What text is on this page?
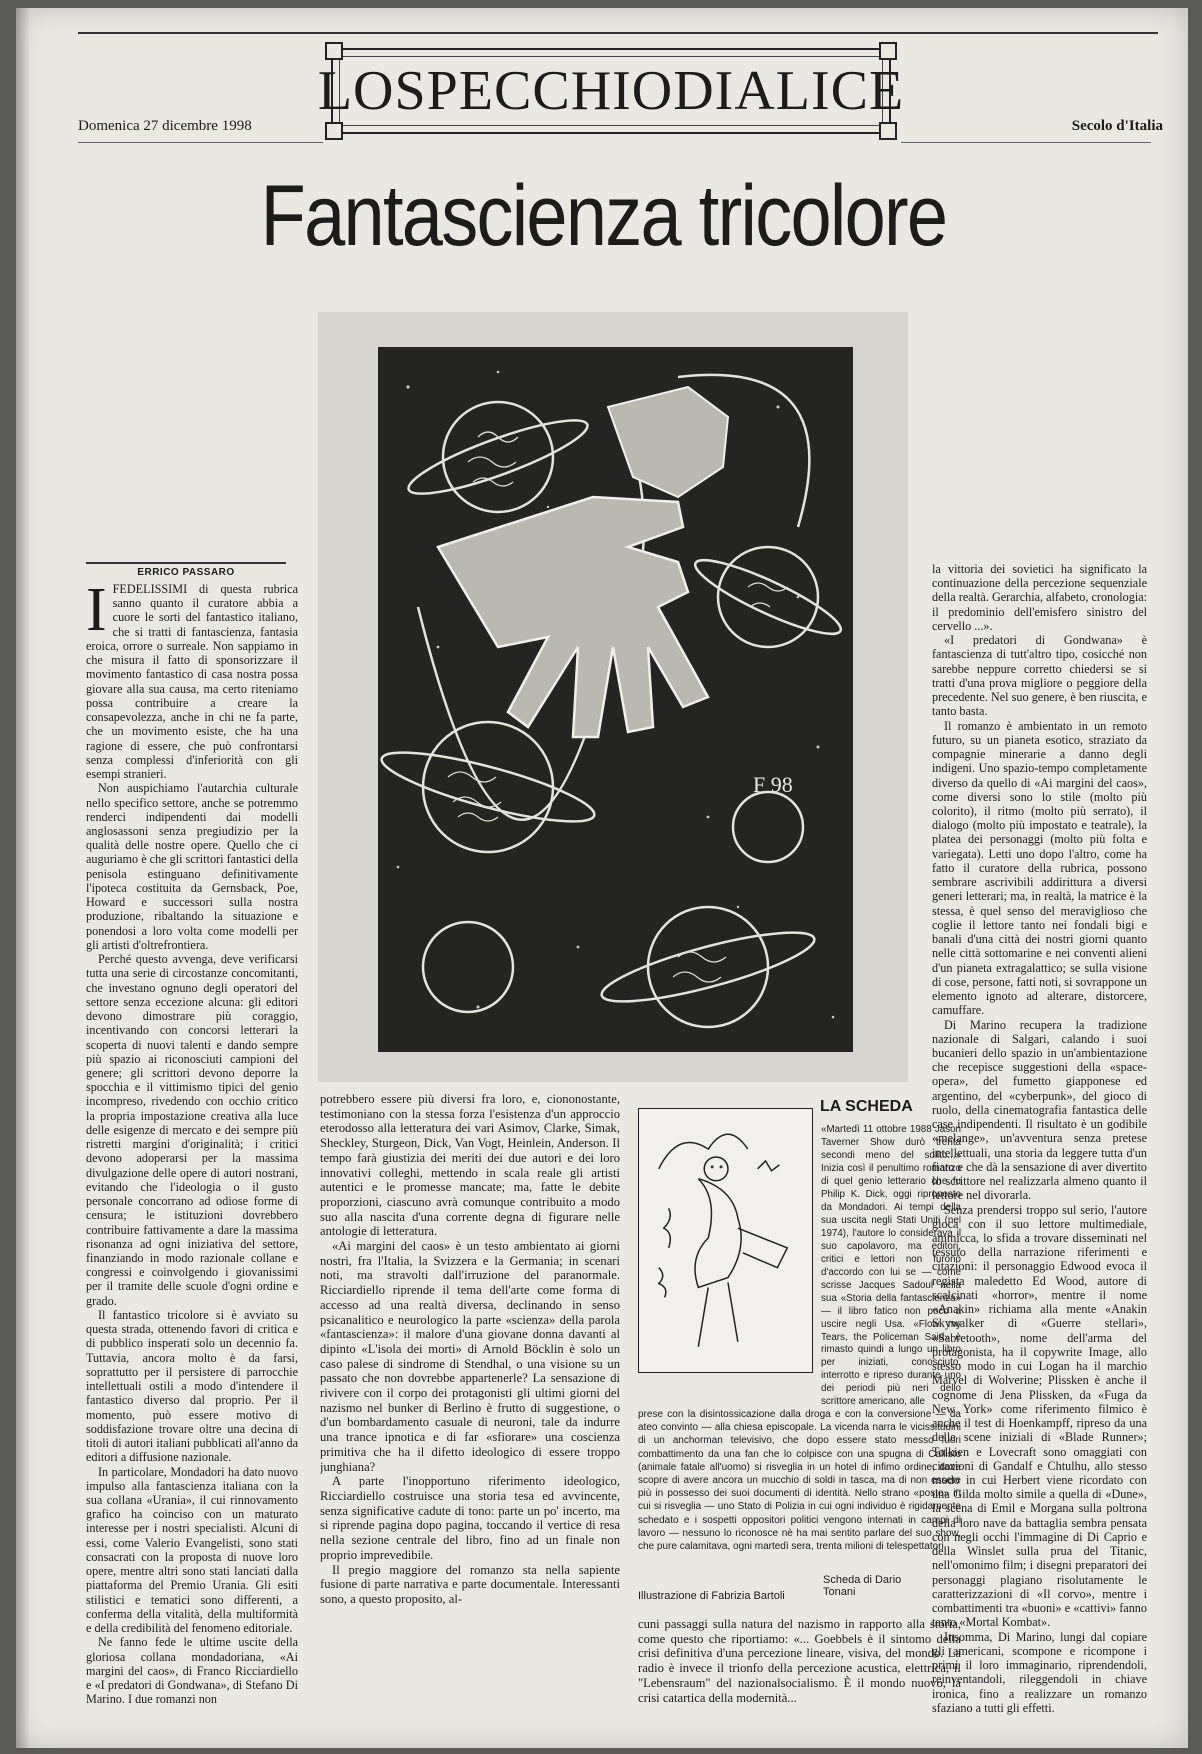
LOSPECCHIODIALICE
Domenica 27 dicembre 1998	Secolo d'Italia
Fantascienza tricolore
F 98
ERRICO PASSARO
I FEDELISSIMI di questa rubrica sanno quanto il curatore abbia a cuore le sorti del fantastico italiano, che si tratti di fantascienza, fantasia eroica, orrore o surreale. Non sappiamo in che misura il fatto di sponsorizzare il movimento fantastico di casa nostra possa giovare alla sua causa, ma certo riteniamo possa contribuire a creare la consapevolezza, anche in chi ne fa parte, che un movimento esiste, che ha una ragione di essere, che può confrontarsi senza complessi d'inferiorità con gli esempi stranieri.

Non auspichiamo l'autarchia culturale nello specifico settore, anche se potremmo renderci indipendenti dai modelli anglosassoni senza pregiudizio per la qualità delle nostre opere. Quello che ci auguriamo è che gli scrittori fantastici della penisola estinguano definitivamente l'ipoteca costituita da Gernsback, Poe, Howard e successori sulla nostra produzione, ribaltando la situazione e ponendosi a loro volta come modelli per gli artisti d'oltrefrontiera.

Perché questo avvenga, deve verificarsi tutta una serie di circostanze concomitanti, che investano ognuno degli operatori del settore senza eccezione alcuna: gli editori devono dimostrare più coraggio, incentivando con concorsi letterari la scoperta di nuovi talenti e dando sempre più spazio ai riconosciuti campioni del genere; gli scrittori devono deporre la spocchia e il vittimismo tipici del genio incompreso, rivedendo con occhio critico la propria impostazione creativa alla luce delle esigenze di mercato e dei sempre più ristretti margini d'originalità; i critici devono adoperarsi per la massima divulgazione delle opere di autori nostrani, evitando che l'ideologia o il gusto personale concorrano ad odiose forme di censura; le istituzioni dovrebbero contribuire fattivamente a dare la massima risonanza ad ogni iniziativa del settore, finanziando in modo razionale collane e congressi e coinvolgendo i giovanissimi per il tramite delle scuole d'ogni ordine e grado.

Il fantastico tricolore si è avviato su questa strada, ottenendo favori di critica e di pubblico insperati solo un decennio fa. Tuttavia, ancora molto è da farsi, soprattutto per il persistere di parrocchie intellettuali ostili a modo d'intendere il fantastico diverso dal proprio. Per il momento, può essere motivo di soddisfazione trovare oltre una decina di titoli di autori italiani pubblicati all'anno da editori a diffusione nazionale.

In particolare, Mondadori ha dato nuovo impulso alla fantascienza italiana con la sua collana «Urania», il cui rinnovamento grafico ha coinciso con un maturato interesse per i nostri specialisti. Alcuni di essi, come Valerio Evangelisti, sono stati consacrati con la proposta di nuove loro opere, mentre altri sono stati lanciati dalla piattaforma del Premio Urania. Gli esiti stilistici e tematici sono differenti, a conferma della vitalità, della multiformità e della credibilità del fenomeno editoriale.

Ne fanno fede le ultime uscite della gloriosa collana mondadoriana, «Ai margini del caos», di Franco Ricciardiello e «I predatori di Gondwana», di Stefano Di Marino. I due romanzi non

potrebbero essere più diversi fra loro, e, ciononostante, testimoniano con la stessa forza l'esistenza d'un approccio eterodosso alla letteratura dei vari Asimov, Clarke, Simak, Sheckley, Sturgeon, Dick, Van Vogt, Heinlein, Anderson. Il tempo farà giustizia dei meriti dei due autori e dei loro innovativi colleghi, mettendo in scala reale gli artisti autentici e le promesse mancate; ma, fatte le debite proporzioni, ciascuno avrà comunque contribuito a modo suo alla nascita d'una corrente degna di figurare nelle antologie di letteratura.

«Ai margini del caos» è un testo ambientato ai giorni nostri, fra l'Italia, la Svizzera e la Germania; in scenari noti, ma stravolti dall'irruzione del paranormale. Ricciardiello riprende il tema dell'arte come forma di accesso ad una realtà diversa, declinando in senso psicanalitico e neurologico la parte «scienza» della parola «fantascienza»: il malore d'una giovane donna davanti al dipinto «L'isola dei morti» di Arnold Böcklin è solo un caso palese di sindrome di Stendhal, o una visione su un passato che non dovrebbe appartenerle? La sensazione di rivivere con il corpo dei protagonisti gli ultimi giorni del nazismo nel bunker di Berlino è frutto di suggestione, o d'un bombardamento casuale di neuroni, tale da indurre una trance ipnotica e di far «sfiorare» una coscienza primitiva che ha il difetto ideologico di essere troppo junghiana?

A parte l'inopportuno riferimento ideologico, Ricciardiello costruisce una storia tesa ed avvincente, senza significative cadute di tono: parte un po' incerto, ma si riprende pagina dopo pagina, toccando il vertice di resa nella sezione centrale del libro, fino ad un finale non proprio imprevedibile.

Il pregio maggiore del romanzo sta nella sapiente fusione di parte narrativa e parte documentale. Interessanti sono, a questo proposito, al-

cuni passaggi sulla natura del nazismo in rapporto alla storia, come questo che riportiamo: «... Goebbels è il sintomo della crisi definitiva d'una percezione lineare, visiva, del mondo. La radio è invece il trionfo della percezione acustica, elettrica, il "Lebensraum" del nazionalsocialismo. È il mondo nuovo, la crisi catartica della modernità...

la vittoria dei sovietici ha significato la continuazione della percezione sequenziale della realtà. Gerarchia, alfabeto, cronologia: il predominio dell'emisfero sinistro del cervello ...».

«I predatori di Gondwana» è fantascienza di tutt'altro tipo, cosicché non sarebbe neppure corretto chiedersi se si tratti d'una prova migliore o peggiore della precedente. Nel suo genere, è ben riuscita, e tanto basta.

Il romanzo è ambientato in un remoto futuro, su un pianeta esotico, straziato da compagnie minerarie a danno degli indigeni. Uno spazio-tempo completamente diverso da quello di «Ai margini del caos», come diversi sono lo stile (molto più colorito), il ritmo (molto più serrato), il dialogo (molto più impostato e teatrale), la platea dei personaggi (molto più folta e variegata). Letti uno dopo l'altro, come ha fatto il curatore della rubrica, possono sembrare ascrivibili addirittura a diversi generi letterari; ma, in realtà, la matrice è la stessa, è quel senso del meraviglioso che coglie il lettore tanto nei fondali bigi e banali d'una città dei nostri giorni quanto nelle città sottomarine e nei conventi alieni d'un pianeta extragalattico; se sulla visione di cose, persone, fatti noti, si sovrappone un elemento ignoto ad alterare, distorcere, camuffare.

Di Marino recupera la tradizione nazionale di Salgari, calando i suoi bucanieri dello spazio in un'ambientazione che recepisce suggestioni della «space-opera», del fumetto giapponese ed argentino, del «cyberpunk», del gioco di ruolo, della cinematografia fantastica delle case indipendenti. Il risultato è un godibile «melange», un'avventura senza pretese intellettuali, una storia da leggere tutta d'un fiato e che dà la sensazione di aver divertito lo scrittore nel realizzarla almeno quanto il lettore nel divorarla.

Senza prendersi troppo sul serio, l'autore gioca con il suo lettore multimediale, ammicca, lo sfida a trovare disseminati nel tessuto della narrazione riferimenti e citazioni: il personaggio Edwood evoca il regista maledetto Ed Wood, autore di scalcinati «horror», mentre il nome «Anakin» richiama alla mente «Anakin Skywalker di «Guerre stellari», «Sabretooth», nome dell'arma del protagonista, ha il copywrite Image, allo stesso modo in cui Logan ha il marchio Marvel di Wolverine; Plissken è anche il cognome di Jena Plissken, da «Fuga da New York» come riferimento filmico è anche il test di Hoenkampff, ripreso da una delle scene iniziali di «Blade Runner»; Tolkien e Lovecraft sono omaggiati con citazioni di Gandalf e Chtulhu, allo stesso modo in cui Herbert viene ricordato con una Gilda molto simile a quella di «Dune», la scena di Emil e Morgana sulla poltrona della loro nave da battaglia sembra pensata con negli occhi l'immagine di Di Caprio e della Winslet sulla prua del Titanic, nell'omonimo film; i disegni preparatori dei personaggi plagiano risolutamente le caratterizzazioni di «Il corvo», mentre i combattimenti tra «buoni» e «cattivi» fanno tanto «Mortal Kombat».

Insomma, Di Marino, lungi dal copiare gli americani, scompone e ricompone i primi il loro immaginario, riprendendoli, reinventandoli, rileggendoli in chiave ironica, fino a realizzare un romanzo sfaziano a tutti gli effetti.

LA SCHEDA
«Martedì 11 ottobre 1988 Jason Taverner Show durò trenta secondi meno del solito...» Inizia così il penultimo romanzo di quel genio letterario che fu Philip K. Dick, oggi riproposto da Mondadori. Ai tempi della sua uscita negli Stati Uniti (nel 1974), l'autore lo considerava il suo capolavoro, ma editori, critici e lettori non furono d'accordo con lui se — come scrisse Jacques Sadoul nella sua «Storia della fantascienza» — il libro fatico non poco a uscire negli Usa. «Flow my Tears, the Policeman Said» è rimasto quindi a lungo un libro per iniziati, conosciuto, interrotto e ripreso durante uno dei periodi più neri dello scrittore americano, alle
prese con la disintossicazione dalla droga e con la conversione — da ateo convinto — alla chiesa episcopale. La vicenda narra le vicissitudini di un anchorman televisivo, che dopo essere stato messo fuori combattimento da una fan che lo colpisce con una spugna di Callisto (animale fatale all'uomo) si risveglia in un hotel di infimo ordine, dove scopre di avere ancora un mucchio di soldi in tasca, ma di non essere più in possesso dei suoi documenti di identità. Nello strano «posto» in cui si risveglia — uno Stato di Polizia in cui ogni individuo è rigidamente schedato e i sospetti oppositori politici vengono internati in campi di lavoro — nessuno lo riconosce nè ha mai sentito parlare del suo show, che pure calamitava, ogni martedì sera, trenta milioni di telespettatori.
Scheda di Dario Tonani
Illustrazione di Fabrizia Bartoli
